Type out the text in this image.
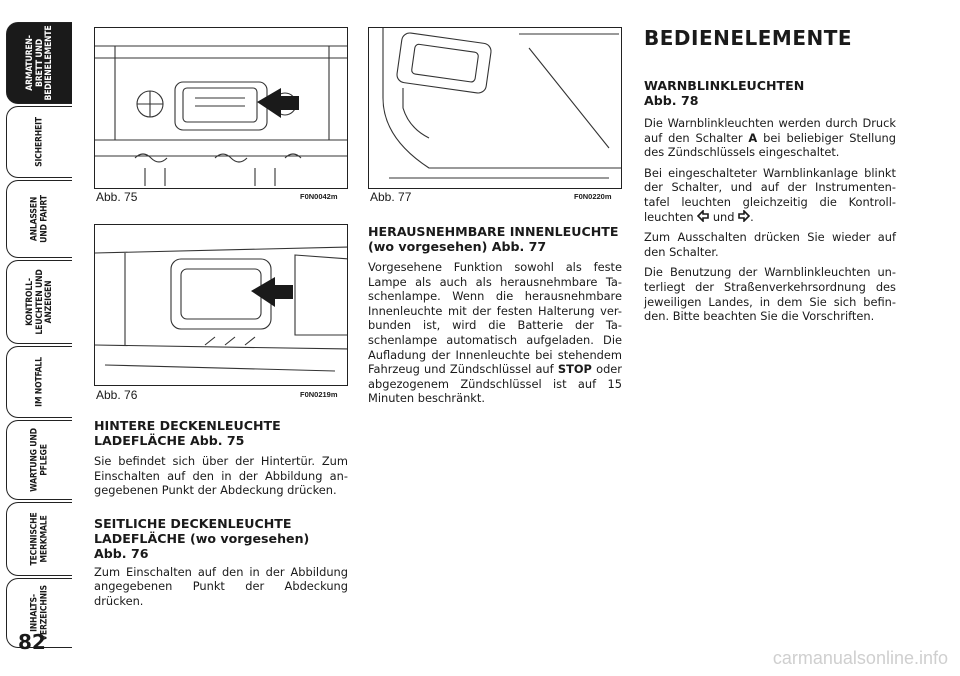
ARMATUREN-
BRETT UND
BEDIENELEMENTE
SICHERHEIT
ANLASSEN
UND FAHRT
KONTROLL-
LEUCHTEN UND
ANZEIGEN
IM NOTFALL
WARTUNG UND
PFLEGE
TECHNISCHE
MERKMALE
INHALTS-
VERZEICHNIS
82
Abb. 75	F0N0042m
Abb. 76	F0N0219m
Abb. 77	F0N0220m
HINTERE DECKENLEUCHTE LADEFLÄCHE Abb. 75

Sie befindet sich über der Hintertür. Zum Einschalten auf den in der Abbildung an-gegebenen Punkt der Abdeckung drücken.

SEITLICHE DECKENLEUCHTE LADEFLÄCHE (wo vorgesehen)
Abb. 76

Zum Einschalten auf den in der Abbildung angegebenen Punkt der Abdeckung drücken.

HERAUSNEHMBARE INNENLEUCHTE
(wo vorgesehen) Abb. 77

Vorgesehene Funktion sowohl als feste Lampe als auch als herausnehmbare Ta-schenlampe. Wenn die herausnehmbare Innenleuchte mit der festen Halterung ver-bunden ist, wird die Batterie der Ta-schenlampe automatisch aufgeladen. Die Aufladung der Innenleuchte bei stehendem Fahrzeug und Zündschlüssel auf STOP oder abgezogenem Zündschlüssel ist auf 15 Minuten beschränkt.

BEDIENELEMENTE
WARNBLINKLEUCHTEN
Abb. 78

Die Warnblinkleuchten werden durch Druck auf den Schalter A bei beliebiger Stellung des Zündschlüssels eingeschaltet.

Bei eingeschalteter Warnblinkanlage blinkt der Schalter, und auf der Instrumenten-tafel leuchten gleichzeitig die Kontroll-leuchten  und .

Zum Ausschalten drücken Sie wieder auf den Schalter.

Die Benutzung der Warnblinkleuchten un-terliegt der Straßenverkehrsordnung des jeweiligen Landes, in dem Sie sich befin-den. Bitte beachten Sie die Vorschriften.

carmanualsonline.info
